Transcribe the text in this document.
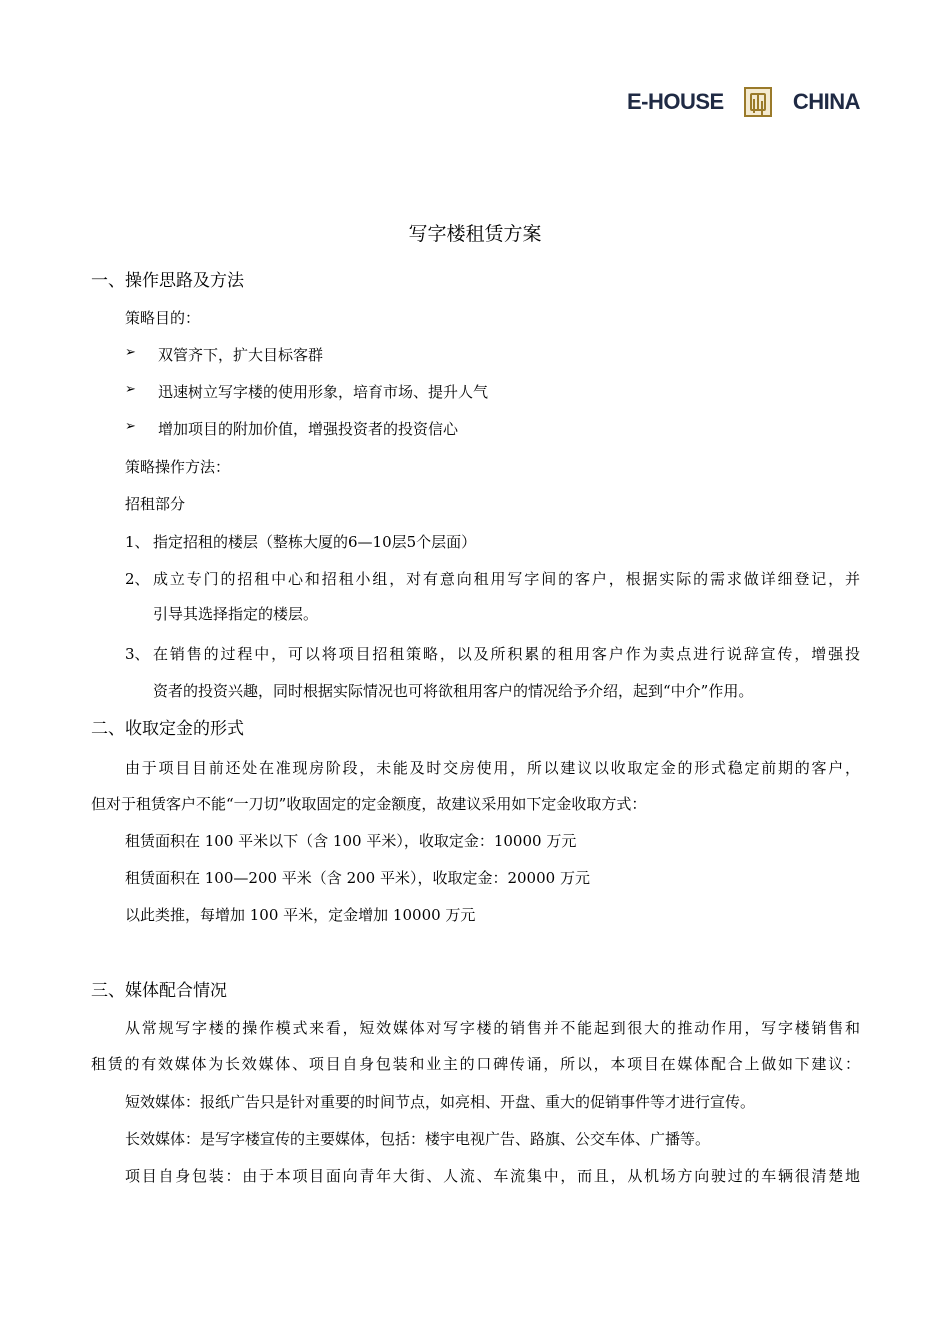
E-HOUSE	CHINA
写字楼租赁方案
一、操作思路及方法
策略目的：
➢ 双管齐下，扩大目标客群
➢ 迅速树立写字楼的使用形象，培育市场、提升人气
➢ 增加项目的附加价值，增强投资者的投资信心
策略操作方法：
招租部分
1、 指定招租的楼层（整栋大厦的6—10层5个层面）
2、 成立专门的招租中心和招租小组，对有意向租用写字间的客户，根据实际的需求做详细登记，并
引导其选择指定的楼层。
3、 在销售的过程中，可以将项目招租策略，以及所积累的租用客户作为卖点进行说辞宣传，增强投
资者的投资兴趣，同时根据实际情况也可将欲租用客户的情况给予介绍，起到“中介”作用。
二、收取定金的形式
由于项目目前还处在准现房阶段，未能及时交房使用，所以建议以收取定金的形式稳定前期的客户，
但对于租赁客户不能“一刀切”收取固定的定金额度，故建议采用如下定金收取方式：
租赁面积在 100 平米以下（含 100 平米），收取定金：10000 万元
租赁面积在 100—200 平米（含 200 平米），收取定金：20000 万元
以此类推，每增加 100 平米，定金增加 10000 万元
三、媒体配合情况
从常规写字楼的操作模式来看，短效媒体对写字楼的销售并不能起到很大的推动作用，写字楼销售和
租赁的有效媒体为长效媒体、项目自身包装和业主的口碑传诵，所以，本项目在媒体配合上做如下建议：
短效媒体：报纸广告只是针对重要的时间节点，如亮相、开盘、重大的促销事件等才进行宣传。
长效媒体：是写字楼宣传的主要媒体，包括：楼宇电视广告、路旗、公交车体、广播等。
项目自身包装：由于本项目面向青年大街、人流、车流集中，而且，从机场方向驶过的车辆很清楚地
